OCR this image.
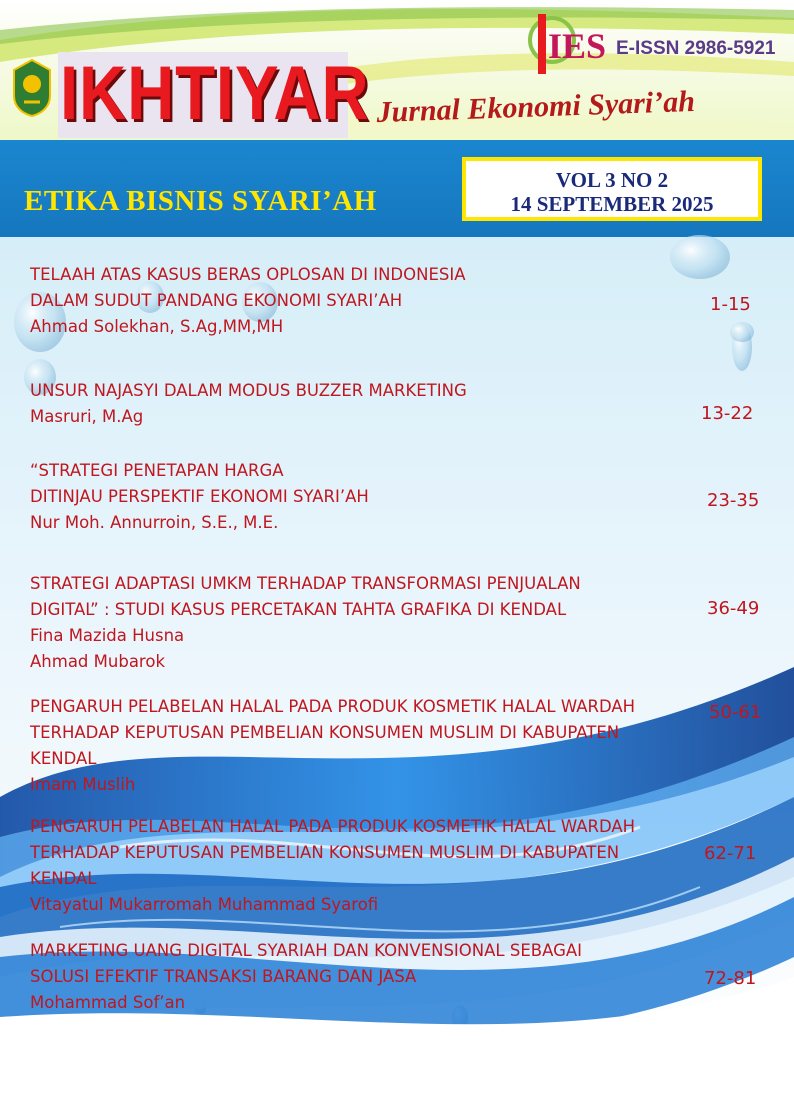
IKHTIYAR
IES E-ISSN 2986-5921
Jurnal Ekonomi Syari’ah
ETIKA BISNIS SYARI’AH
VOL 3 NO 2
14 SEPTEMBER 2025
TELAAH ATAS KASUS BERAS OPLOSAN DI INDONESIA
DALAM SUDUT PANDANG EKONOMI SYARI’AH
Ahmad Solekhan, S.Ag,MM,MH
1-15
UNSUR NAJASYI DALAM MODUS BUZZER MARKETING
Masruri, M.Ag	13-22
“STRATEGI PENETAPAN HARGA
DITINJAU PERSPEKTIF EKONOMI SYARI’AH
Nur Moh. Annurroin, S.E., M.E.
23-35
STRATEGI ADAPTASI UMKM TERHADAP TRANSFORMASI PENJUALAN
DIGITAL” : STUDI KASUS PERCETAKAN TAHTA GRAFIKA DI KENDAL
Fina Mazida Husna
Ahmad Mubarok
36-49
PENGARUH PELABELAN HALAL PADA PRODUK KOSMETIK HALAL WARDAH
TERHADAP KEPUTUSAN PEMBELIAN KONSUMEN MUSLIM DI KABUPATEN
KENDAL
Imam Muslih
50-61
PENGARUH PELABELAN HALAL PADA PRODUK KOSMETIK HALAL WARDAH
TERHADAP KEPUTUSAN PEMBELIAN KONSUMEN MUSLIM DI KABUPATEN
KENDAL
Vitayatul Mukarromah Muhammad Syarofi
62-71
MARKETING UANG DIGITAL SYARIAH DAN KONVENSIONAL SEBAGAI
SOLUSI EFEKTIF TRANSAKSI BARANG DAN JASA
Mohammad Sof’an
72-81
